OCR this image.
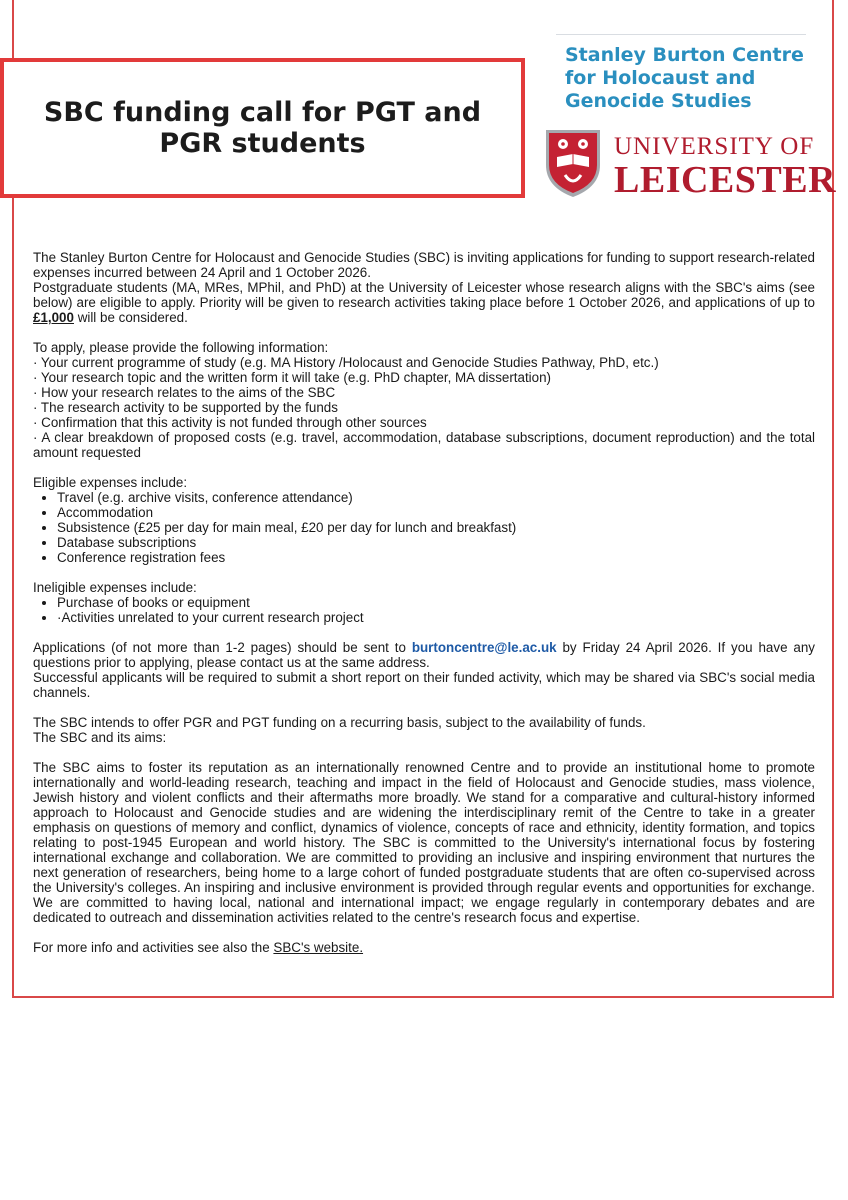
SBC funding call for PGT and PGR students
Stanley Burton Centre
for Holocaust and
Genocide Studies
UNIVERSITY OF
LEICESTER

The Stanley Burton Centre for Holocaust and Genocide Studies (SBC) is inviting applications for funding to support research-related expenses incurred between 24 April and 1 October 2026.

Postgraduate students (MA, MRes, MPhil, and PhD) at the University of Leicester whose research aligns with the SBC's aims (see below) are eligible to apply. Priority will be given to research activities taking place before 1 October 2026, and applications of up to £1,000 will be considered.

To apply, please provide the following information:

· Your current programme of study (e.g. MA History /Holocaust and Genocide Studies Pathway, PhD, etc.)

· Your research topic and the written form it will take (e.g. PhD chapter, MA dissertation)

· How your research relates to the aims of the SBC

· The research activity to be supported by the funds

· Confirmation that this activity is not funded through other sources

· A clear breakdown of proposed costs (e.g. travel, accommodation, database subscriptions, document reproduction) and the total amount requested

Eligible expenses include:

• Travel (e.g. archive visits, conference attendance)
• Accommodation
• Subsistence (£25 per day for main meal, £20 per day for lunch and breakfast)
• Database subscriptions
• Conference registration fees

Ineligible expenses include:

• Purchase of books or equipment
• ·Activities unrelated to your current research project

Applications (of not more than 1-2 pages) should be sent to burtoncentre@le.ac.uk by Friday 24 April 2026. If you have any questions prior to applying, please contact us at the same address.

Successful applicants will be required to submit a short report on their funded activity, which may be shared via SBC's social media channels.

The SBC intends to offer PGR and PGT funding on a recurring basis, subject to the availability of funds.

The SBC and its aims:

The SBC aims to foster its reputation as an internationally renowned Centre and to provide an institutional home to promote internationally and world-leading research, teaching and impact in the field of Holocaust and Genocide studies, mass violence, Jewish history and violent conflicts and their aftermaths more broadly. We stand for a comparative and cultural-history informed approach to Holocaust and Genocide studies and are widening the interdisciplinary remit of the Centre to take in a greater emphasis on questions of memory and conflict, dynamics of violence, concepts of race and ethnicity, identity formation, and topics relating to post-1945 European and world history. The SBC is committed to the University's international focus by fostering international exchange and collaboration. We are committed to providing an inclusive and inspiring environment that nurtures the next generation of researchers, being home to a large cohort of funded postgraduate students that are often co-supervised across the University's colleges. An inspiring and inclusive environment is provided through regular events and opportunities for exchange. We are committed to having local, national and international impact; we engage regularly in contemporary debates and are dedicated to outreach and dissemination activities related to the centre's research focus and expertise.

For more info and activities see also the SBC's website.
